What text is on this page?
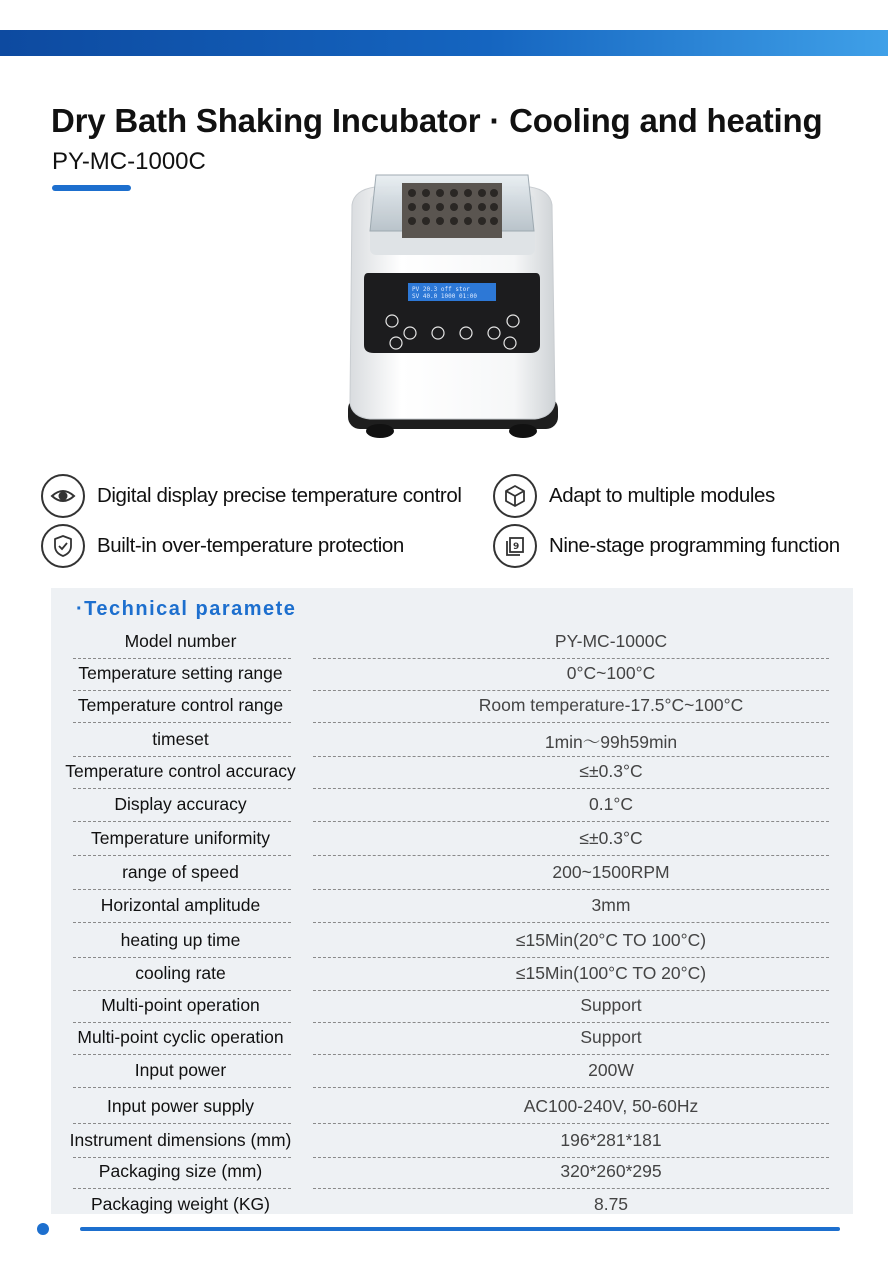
Dry Bath Shaking Incubator · Cooling and heating
PY-MC-1000C
PV 20.3 off stor
SV 40.0 1000 01:00
Digital display precise temperature control	Adapt to multiple modules
Built-in over-temperature protection	9 Nine-stage programming function
·Technical paramete
Model number	PY-MC-1000C
Temperature setting range	0°C~100°C
Temperature control range	Room temperature-17.5°C~100°C
timeset	1min～99h59min
Temperature control accuracy	≤±0.3°C
Display accuracy	0.1°C
Temperature uniformity	≤±0.3°C
range of speed	200~1500RPM
Horizontal amplitude	3mm
heating up time	≤15Min(20°C TO 100°C)
cooling rate	≤15Min(100°C TO 20°C)
Multi-point operation	Support
Multi-point cyclic operation	Support
Input power	200W
Input power supply	AC100-240V, 50-60Hz
Instrument dimensions (mm)	196*281*181
Packaging size (mm)	320*260*295
Packaging weight (KG)	8.75
